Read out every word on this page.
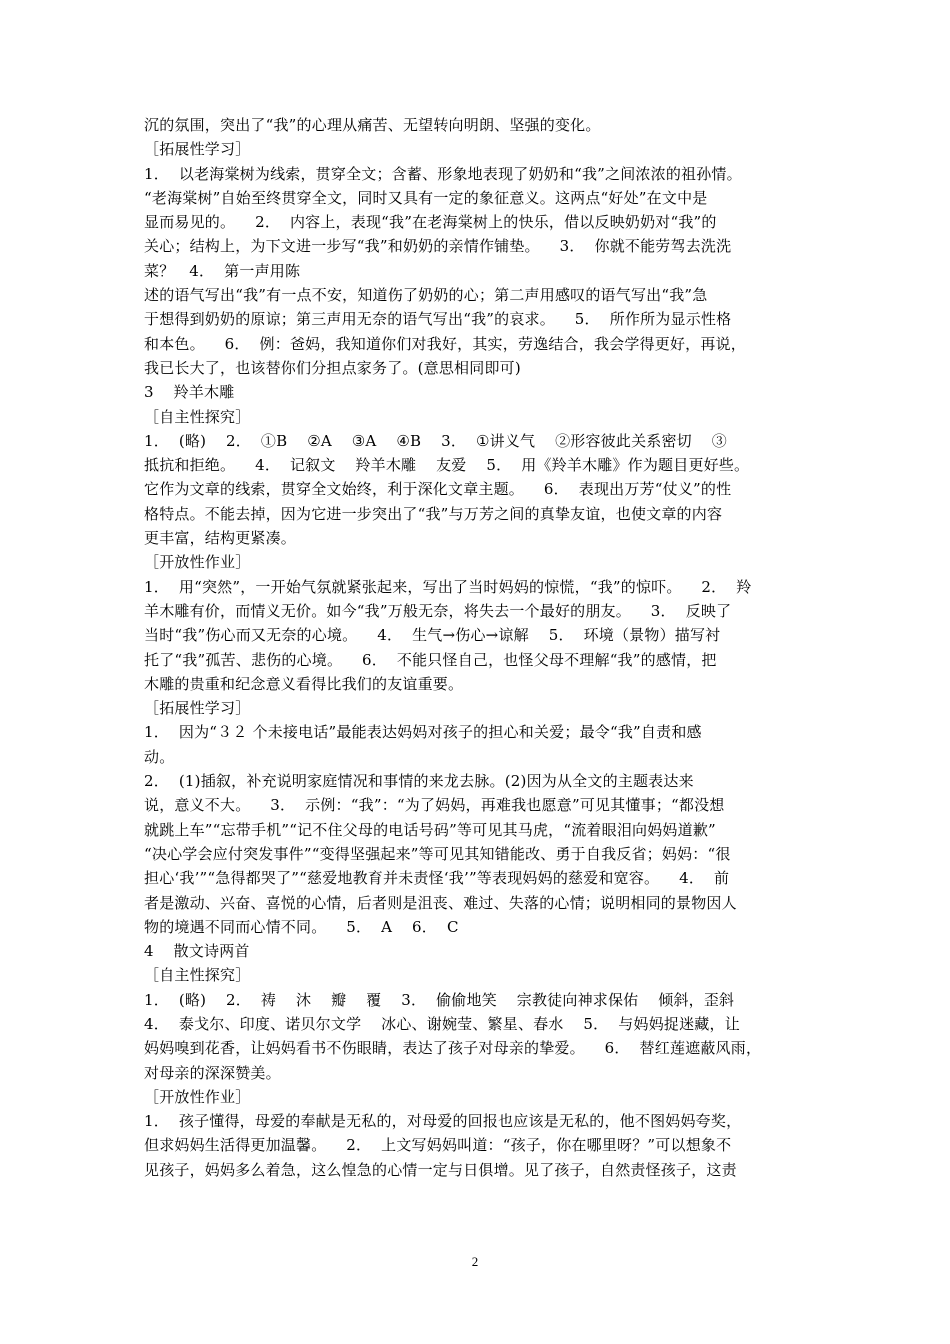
沉的氛围，突出了“我”的心理从痛苦、无望转向明朗、坚强的变化。
［拓展性学习］
1．  以老海棠树为线索，贯穿全文；含蓄、形象地表现了奶奶和“我”之间浓浓的祖孙情。
“老海棠树”自始至终贯穿全文，同时又具有一定的象征意义。这两点“好处”在文中是
显而易见的。    2．  内容上，表现“我”在老海棠树上的快乐，借以反映奶奶对“我”的
关心；结构上，为下文进一步写“我”和奶奶的亲情作铺垫。    3．  你就不能劳驾去洗洗
菜？   4．  第一声用陈
述的语气写出“我”有一点不安，知道伤了奶奶的心；第二声用感叹的语气写出“我”急
于想得到奶奶的原谅；第三声用无奈的语气写出“我”的哀求。    5．  所作所为显示性格
和本色。    6．  例：爸妈，我知道你们对我好，其实，劳逸结合，我会学得更好，再说，
我已长大了，也该替你们分担点家务了。(意思相同即可)
3    羚羊木雕
［自主性探究］
1．  (略)    2．  ①B    ②A    ③A    ④B    3．  ①讲义气    ②形容彼此关系密切    ③
抵抗和拒绝。    4．  记叙文    羚羊木雕    友爱    5．  用《羚羊木雕》作为题目更好些。
它作为文章的线索，贯穿全文始终，利于深化文章主题。    6．  表现出万芳“仗义”的性
格特点。不能去掉，因为它进一步突出了“我”与万芳之间的真挚友谊，也使文章的内容
更丰富，结构更紧凑。
［开放性作业］
1．  用“突然”，一开始气氛就紧张起来，写出了当时妈妈的惊慌，“我”的惊吓。    2．  羚
羊木雕有价，而情义无价。如今“我”万般无奈，将失去一个最好的朋友。    3．  反映了
当时“我”伤心而又无奈的心境。    4．  生气→伤心→谅解    5．  环境（景物）描写衬
托了“我”孤苦、悲伤的心境。    6．  不能只怪自己，也怪父母不理解“我”的感情，把
木雕的贵重和纪念意义看得比我们的友谊重要。
［拓展性学习］
1．  因为“３２ 个未接电话”最能表达妈妈对孩子的担心和关爱；最令“我”自责和感
动。
2．  (1)插叙，补充说明家庭情况和事情的来龙去脉。(2)因为从全文的主题表达来
说，意义不大。    3．  示例：“我”：“为了妈妈，再难我也愿意”可见其懂事；“都没想
就跳上车”“忘带手机”“记不住父母的电话号码”等可见其马虎，“流着眼泪向妈妈道歉”
“决心学会应付突发事件”“变得坚强起来”等可见其知错能改、勇于自我反省；妈妈：“很
担心‘我’”“急得都哭了”“慈爱地教育并未责怪‘我’”等表现妈妈的慈爱和宽容。    4．  前
者是激动、兴奋、喜悦的心情，后者则是沮丧、难过、失落的心情；说明相同的景物因人
物的境遇不同而心情不同。    5．  A    6．  C
4    散文诗两首
［自主性探究］
1．  (略)    2．  祷    沐    瓣    覆    3．  偷偷地笑    宗教徒向神求保佑    倾斜，歪斜
4．  泰戈尔、印度、诺贝尔文学    冰心、谢婉莹、繁星、春水    5．  与妈妈捉迷藏，让
妈妈嗅到花香，让妈妈看书不伤眼睛，表达了孩子对母亲的挚爱。    6．  替红莲遮蔽风雨，
对母亲的深深赞美。
［开放性作业］
1．  孩子懂得，母爱的奉献是无私的，对母爱的回报也应该是无私的，他不图妈妈夸奖，
但求妈妈生活得更加温馨。    2．  上文写妈妈叫道：“孩子，你在哪里呀？”可以想象不
见孩子，妈妈多么着急，这么惶急的心情一定与日俱增。见了孩子，自然责怪孩子，这责
2
